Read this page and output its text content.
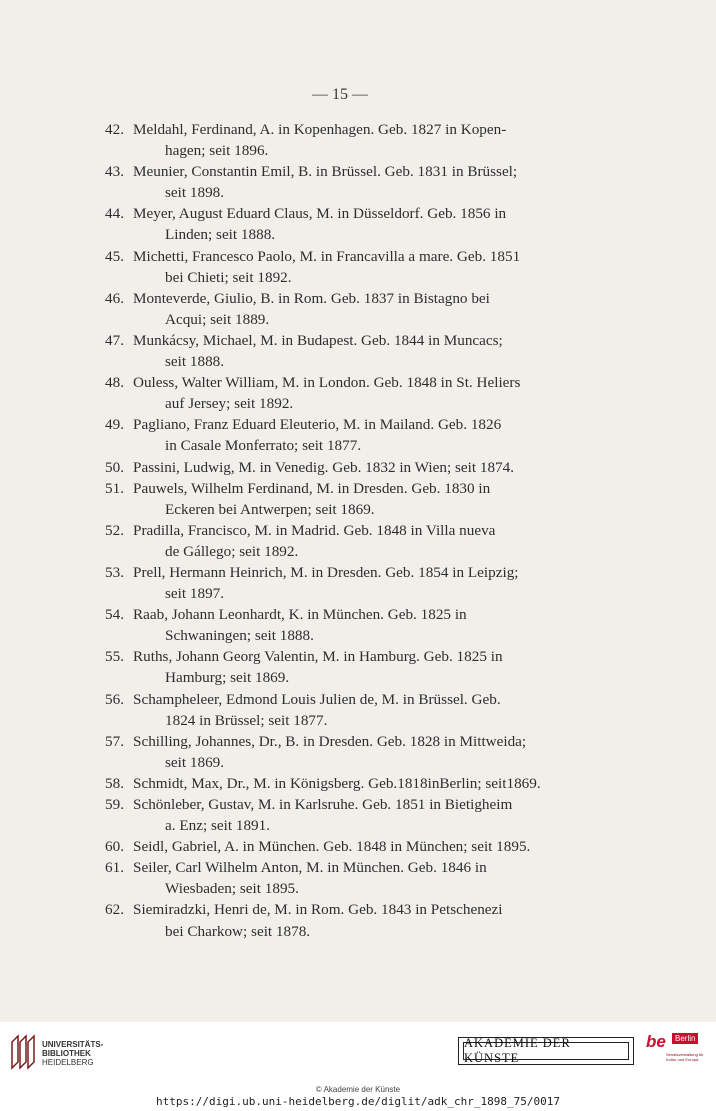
— 15 —
42. Meldahl, Ferdinand, A. in Kopenhagen. Geb. 1827 in Kopen-
hagen; seit 1896.
43. Meunier, Constantin Emil, B. in Brüssel. Geb. 1831 in Brüssel;
seit 1898.
44. Meyer, August Eduard Claus, M. in Düsseldorf. Geb. 1856 in
Linden; seit 1888.
45. Michetti, Francesco Paolo, M. in Francavilla a mare. Geb. 1851
bei Chieti; seit 1892.
46. Monteverde, Giulio, B. in Rom. Geb. 1837 in Bistagno bei
Acqui; seit 1889.
47. Munkácsy, Michael, M. in Budapest. Geb. 1844 in Muncacs;
seit 1888.
48. Ouless, Walter William, M. in London. Geb. 1848 in St. Heliers
auf Jersey; seit 1892.
49. Pagliano, Franz Eduard Eleuterio, M. in Mailand. Geb. 1826
in Casale Monferrato; seit 1877.
50. Passini, Ludwig, M. in Venedig. Geb. 1832 in Wien; seit 1874.
51. Pauwels, Wilhelm Ferdinand, M. in Dresden. Geb. 1830 in
Eckeren bei Antwerpen; seit 1869.
52. Pradilla, Francisco, M. in Madrid. Geb. 1848 in Villa nueva
de Gállego; seit 1892.
53. Prell, Hermann Heinrich, M. in Dresden. Geb. 1854 in Leipzig;
seit 1897.
54. Raab, Johann Leonhardt, K. in München. Geb. 1825 in
Schwaningen; seit 1888.
55. Ruths, Johann Georg Valentin, M. in Hamburg. Geb. 1825 in
Hamburg; seit 1869.
56. Schampheleer, Edmond Louis Julien de, M. in Brüssel. Geb.
1824 in Brüssel; seit 1877.
57. Schilling, Johannes, Dr., B. in Dresden. Geb. 1828 in Mittweida;
seit 1869.
58. Schmidt, Max, Dr., M. in Königsberg. Geb.1818inBerlin; seit1869.
59. Schönleber, Gustav, M. in Karlsruhe. Geb. 1851 in Bietigheim
a. Enz; seit 1891.
60. Seidl, Gabriel, A. in München. Geb. 1848 in München; seit 1895.
61. Seiler, Carl Wilhelm Anton, M. in München. Geb. 1846 in
Wiesbaden; seit 1895.
62. Siemiradzki, Henri de, M. in Rom. Geb. 1843 in Petschenezi
bei Charkow; seit 1878.
UNIVERSITÄTS-
BIBLIOTHEK
HEIDELBERG
AKADEMIE DER KÜNSTE
be	Berlin
Senatsverwaltung für Kultur und Europa
© Akademie der Künste
https://digi.ub.uni-heidelberg.de/diglit/adk_chr_1898_75/0017
